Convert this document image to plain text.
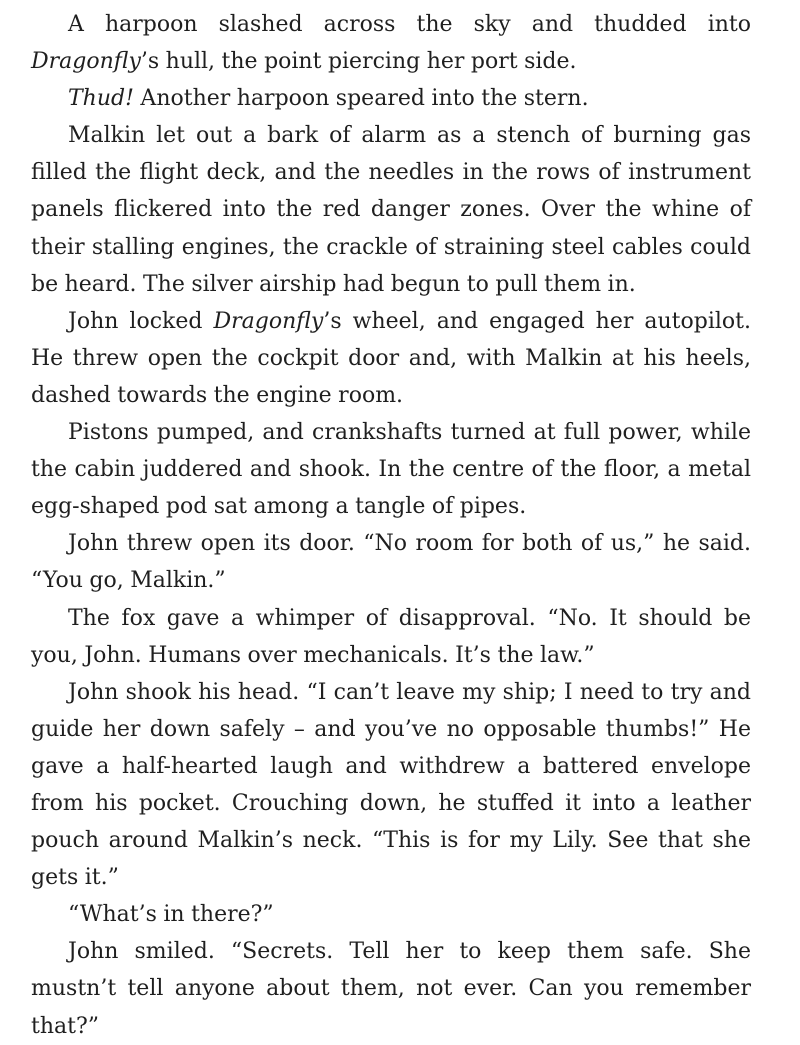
A harpoon slashed across the sky and thudded into Dragonfly’s hull, the point piercing her port side.

Thud! Another harpoon speared into the stern.

Malkin let out a bark of alarm as a stench of burning gas filled the flight deck, and the needles in the rows of instrument panels flickered into the red danger zones. Over the whine of their stalling engines, the crackle of straining steel cables could be heard. The silver airship had begun to pull them in.

John locked Dragonfly’s wheel, and engaged her autopilot. He threw open the cockpit door and, with Malkin at his heels, dashed towards the engine room.

Pistons pumped, and crankshafts turned at full power, while the cabin juddered and shook. In the centre of the floor, a metal egg-shaped pod sat among a tangle of pipes.

John threw open its door. “No room for both of us,” he said. “You go, Malkin.”

The fox gave a whimper of disapproval. “No. It should be you, John. Humans over mechanicals. It’s the law.”

John shook his head. “I can’t leave my ship; I need to try and guide her down safely – and you’ve no opposable thumbs!” He gave a half-hearted laugh and withdrew a battered envelope from his pocket. Crouching down, he stuffed it into a leather pouch around Malkin’s neck. “This is for my Lily. See that she gets it.”

“What’s in there?”

John smiled. “Secrets. Tell her to keep them safe. She mustn’t tell anyone about them, not ever. Can you remember that?”
